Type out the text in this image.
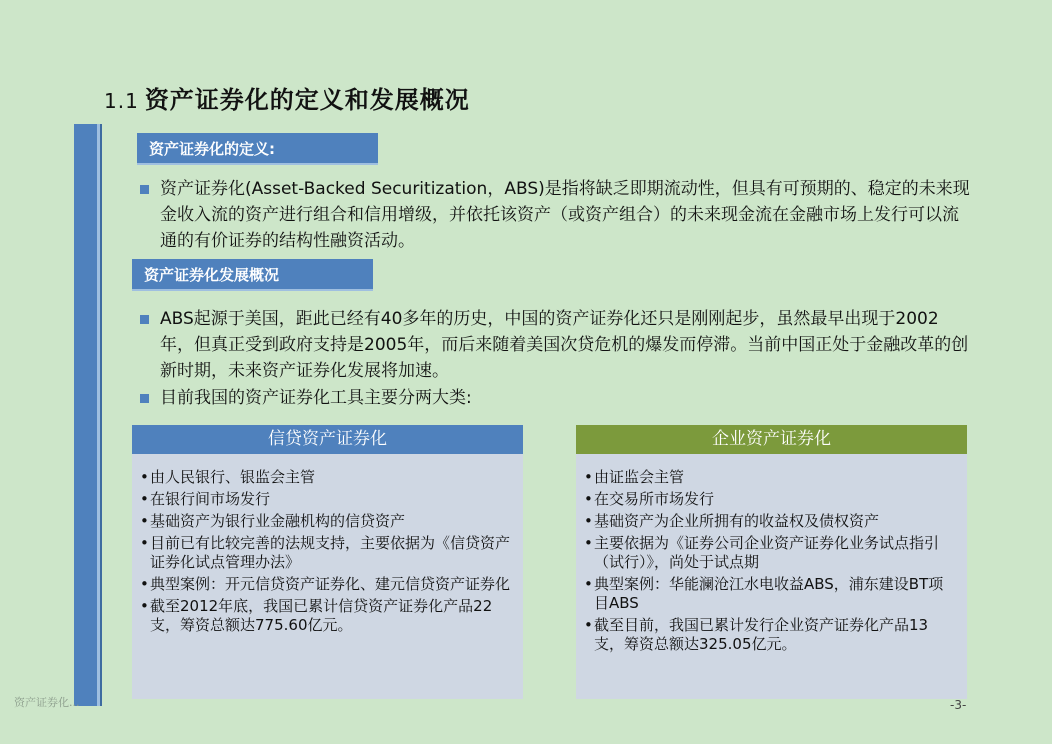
1.1 资产证券化的定义和发展概况
资产证券化的定义:
资产证券化(Asset-Backed Securitization，ABS)是指将缺乏即期流动性，但具有可预期的、稳定的未来现金收入流的资产进行组合和信用增级，并依托该资产（或资产组合）的未来现金流在金融市场上发行可以流通的有价证券的结构性融资活动。
资产证券化发展概况
ABS起源于美国，距此已经有40多年的历史，中国的资产证券化还只是刚刚起步，虽然最早出现于2002年，但真正受到政府支持是2005年，而后来随着美国次贷危机的爆发而停滞。当前中国正处于金融改革的创新时期，未来资产证券化发展将加速。
目前我国的资产证券化工具主要分两大类:
信贷资产证券化
• 由人民银行、银监会主管
• 在银行间市场发行
• 基础资产为银行业金融机构的信贷资产
• 目前已有比较完善的法规支持，主要依据为《信贷资产证券化试点管理办法》
• 典型案例：开元信贷资产证券化、建元信贷资产证券化
• 截至2012年底，我国已累计信贷资产证券化产品22支，筹资总额达775.60亿元。
企业资产证券化
• 由证监会主管
• 在交易所市场发行
• 基础资产为企业所拥有的收益权及债权资产
• 主要依据为《证券公司企业资产证券化业务试点指引（试行）》，尚处于试点期
• 典型案例：华能澜沧江水电收益ABS，浦东建设BT项目ABS
• 截至目前，我国已累计发行企业资产证券化产品13支，筹资总额达325.05亿元。
资产证券化...	-3-
